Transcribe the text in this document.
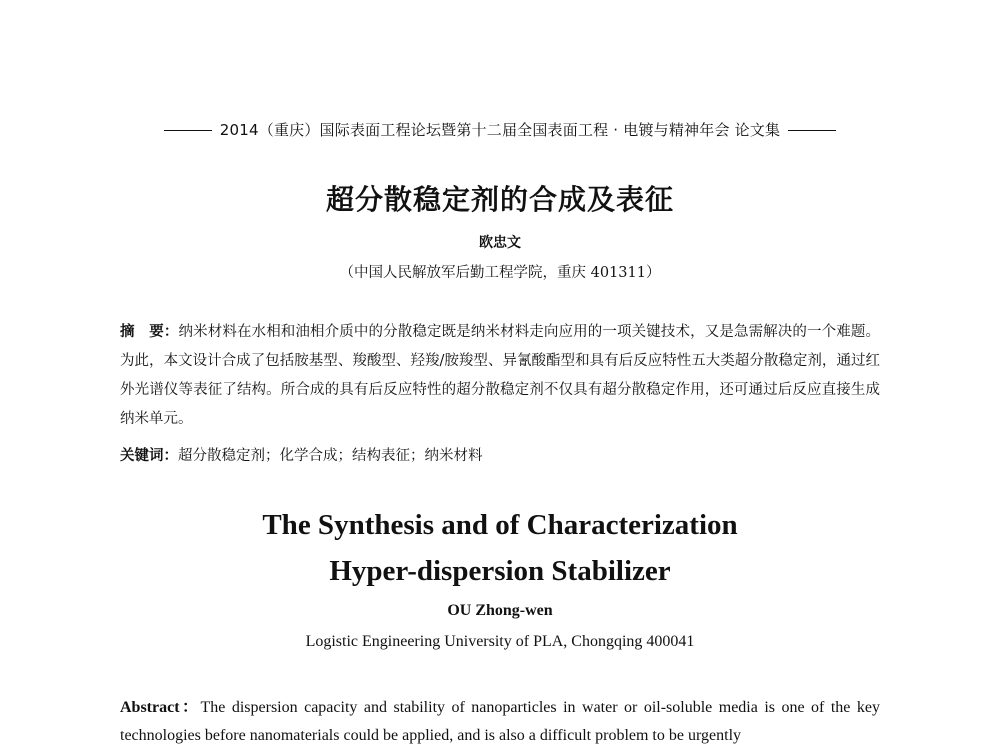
2014（重庆）国际表面工程论坛暨第十二届全国表面工程 · 电镀与精神年会 论文集
超分散稳定剂的合成及表征
欧忠文
（中国人民解放军后勤工程学院，重庆 401311）
摘　要：纳米材料在水相和油相介质中的分散稳定既是纳米材料走向应用的一项关键技术，又是急需解决的一个难题。为此，本文设计合成了包括胺基型、羧酸型、羟羧/胺羧型、异氰酸酯型和具有后反应特性五大类超分散稳定剂，通过红外光谱仪等表征了结构。所合成的具有后反应特性的超分散稳定剂不仅具有超分散稳定作用，还可通过后反应直接生成纳米单元。
关键词：超分散稳定剂；化学合成；结构表征；纳米材料
The Synthesis and of Characterization
Hyper-dispersion Stabilizer
OU Zhong-wen
Logistic Engineering University of PLA, Chongqing 400041
Abstract：The dispersion capacity and stability of nanoparticles in water or oil-soluble media is one of the key technologies before nanomaterials could be applied, and is also a difficult problem to be urgently
